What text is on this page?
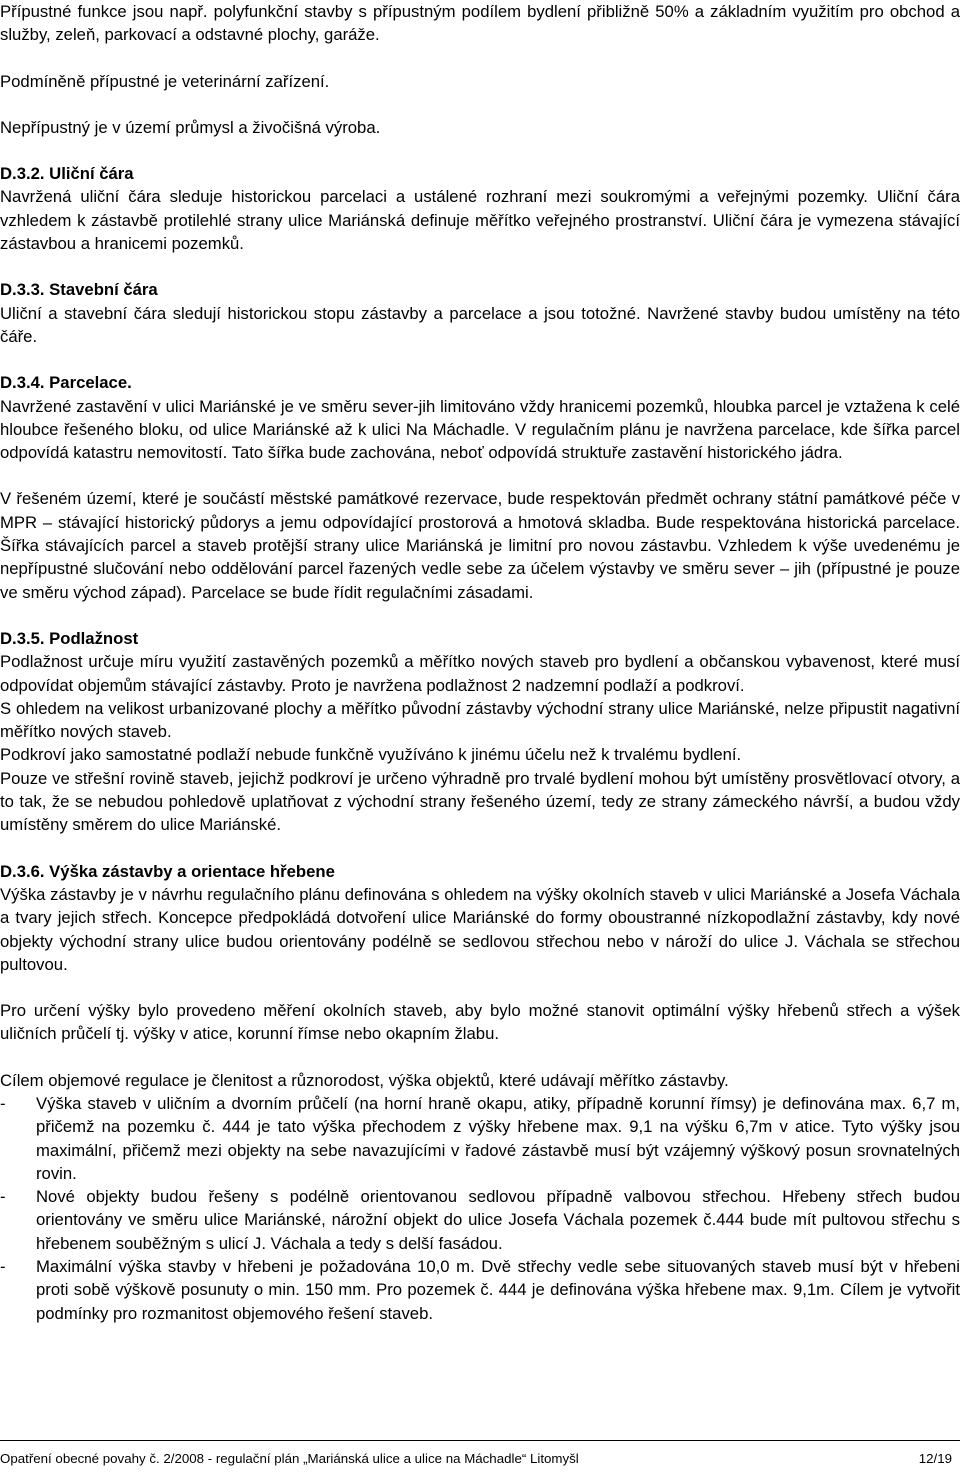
Přípustné funkce jsou např. polyfunkční stavby s přípustným podílem bydlení přibližně 50% a základním využitím pro obchod a služby, zeleň, parkovací a odstavné plochy, garáže.

Podmíněně přípustné je veterinární zařízení.

Nepřípustný je v území průmysl a živočišná výroba.

D.3.2. Uliční čára

Navržená uliční čára sleduje historickou parcelaci a ustálené rozhraní mezi soukromými a veřejnými pozemky. Uliční čára vzhledem k zástavbě protilehlé strany ulice Mariánská definuje měřítko veřejného prostranství. Uliční čára je vymezena stávající zástavbou a hranicemi pozemků.

D.3.3. Stavební čára

Uliční a stavební čára sledují historickou stopu zástavby a parcelace a jsou totožné. Navržené stavby budou umístěny na této čáře.

D.3.4. Parcelace.

Navržené zastavění v ulici Mariánské je ve směru sever-jih limitováno vždy hranicemi pozemků, hloubka parcel je vztažena k celé hloubce řešeného bloku, od ulice Mariánské až k ulici Na Máchadle. V regulačním plánu je navržena parcelace, kde šířka parcel odpovídá katastru nemovitostí. Tato šířka bude zachována, neboť odpovídá struktuře zastavění historického jádra.

V řešeném území, které je součástí městské památkové rezervace, bude respektován předmět ochrany státní památkové péče v MPR – stávající historický půdorys a jemu odpovídající prostorová a hmotová skladba. Bude respektována historická parcelace. Šířka stávajících parcel a staveb protější strany ulice Mariánská je limitní pro novou zástavbu. Vzhledem k výše uvedenému je nepřípustné slučování nebo oddělování parcel řazených vedle sebe za účelem výstavby ve směru sever – jih (přípustné je pouze ve směru východ západ). Parcelace se bude řídit regulačními zásadami.

D.3.5. Podlažnost

Podlažnost určuje míru využití zastavěných pozemků a měřítko nových staveb pro bydlení a občanskou vybavenost, které musí odpovídat objemům stávající zástavby. Proto je navržena podlažnost 2 nadzemní podlaží a podkroví.

S ohledem na velikost urbanizované plochy a měřítko původní zástavby východní strany ulice Mariánské, nelze připustit nagativní měřítko nových staveb.

Podkroví jako samostatné podlaží nebude funkčně využíváno k jinému účelu než k trvalému bydlení.

Pouze ve střešní rovině staveb, jejichž podkroví je určeno výhradně pro trvalé bydlení mohou být umístěny prosvětlovací otvory, a to tak, že se nebudou pohledově uplatňovat z východní strany řešeného území, tedy ze strany zámeckého návrší, a budou vždy umístěny směrem do ulice Mariánské.

D.3.6. Výška zástavby a orientace hřebene

Výška zástavby je v návrhu regulačního plánu definována s ohledem na výšky okolních staveb v ulici Mariánské a Josefa Váchala a tvary jejich střech. Koncepce předpokládá dotvoření ulice Mariánské do formy oboustranné nízkopodlažní zástavby, kdy nové objekty východní strany ulice budou orientovány podélně se sedlovou střechou nebo v nároží do ulice J. Váchala se střechou pultovou.

Pro určení výšky bylo provedeno měření okolních staveb, aby bylo možné stanovit optimální výšky hřebenů střech a výšek uličních průčelí tj. výšky v atice, korunní římse nebo okapním žlabu.

Cílem objemové regulace je členitost a různorodost, výška objektů, které udávají měřítko zástavby.

-	Výška staveb v uličním a dvorním průčelí (na horní hraně okapu, atiky, případně korunní římsy) je definována max. 6,7 m, přičemž na pozemku č. 444 je tato výška přechodem z výšky hřebene max. 9,1 na výšku 6,7m v atice. Tyto výšky jsou maximální, přičemž mezi objekty na sebe navazujícími v řadové zástavbě musí být vzájemný výškový posun srovnatelných rovin.
-	Nové objekty budou řešeny s podélně orientovanou sedlovou případně valbovou střechou. Hřebeny střech budou orientovány ve směru ulice Mariánské, nárožní objekt do ulice Josefa Váchala pozemek č.444 bude mít pultovou střechu s hřebenem souběžným s ulicí J. Váchala a tedy s delší fasádou.
-	Maximální výška stavby v hřebeni je požadována 10,0 m. Dvě střechy vedle sebe situovaných staveb musí být v hřebeni proti sobě výškově posunuty o min. 150 mm. Pro pozemek č. 444 je definována výška hřebene max. 9,1m. Cílem je vytvořit podmínky pro rozmanitost objemového řešení staveb.
Opatření obecné povahy č. 2/2008 - regulační plán „Mariánská ulice a ulice na Máchadle“ Litomyšl	12/19
